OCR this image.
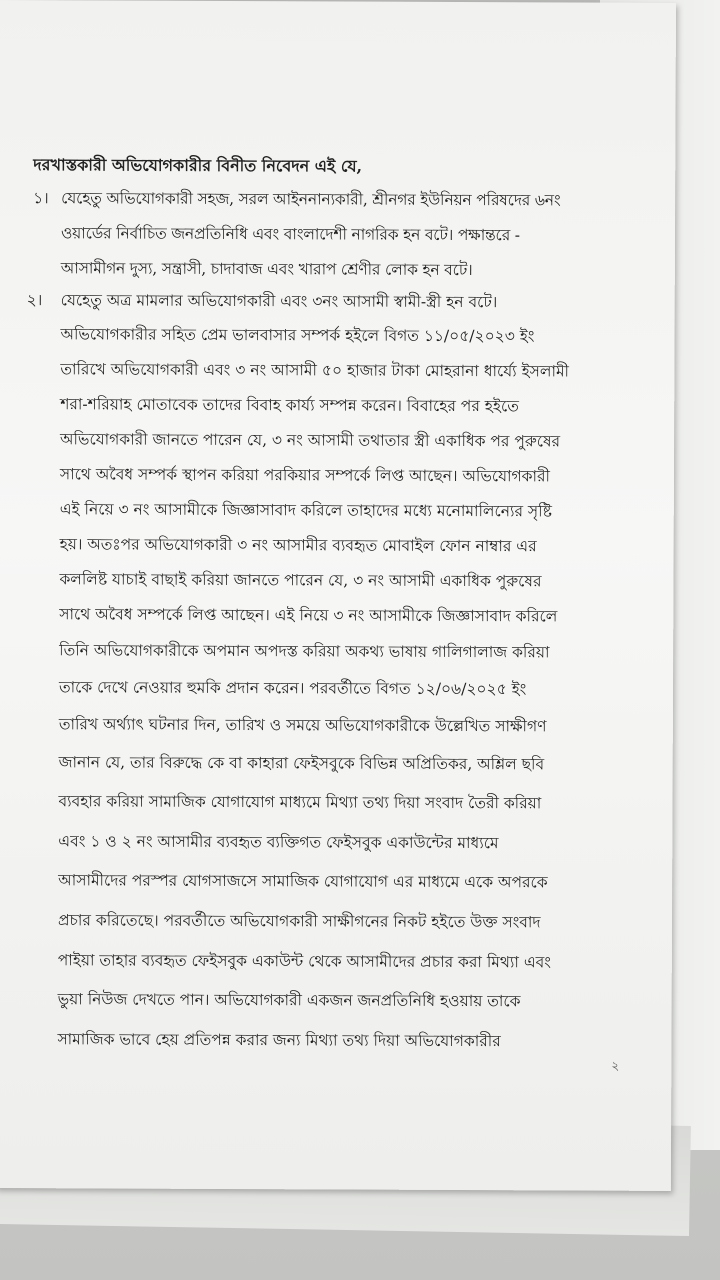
দরখাস্তকারী অভিযোগকারীর বিনীত নিবেদন এই যে,
১। যেহেতু অভিযোগকারী সহজ, সরল আইননান্যকারী, শ্রীনগর ইউনিয়ন পরিষদের ৬নং
ওয়ার্ডের নির্বাচিত জনপ্রতিনিধি এবং বাংলাদেশী নাগরিক হন বটে। পক্ষান্তরে -
আসামীগন দুস্য, সন্ত্রাসী, চাদাবাজ এবং খারাপ শ্রেণীর লোক হন বটে।
২। যেহেতু অত্র মামলার অভিযোগকারী এবং ৩নং আসামী স্বামী-স্ত্রী হন বটে।
অভিযোগকারীর সহিত প্রেম ভালবাসার সম্পর্ক হইলে বিগত ১১/০৫/২০২৩ ইং
তারিখে অভিযোগকারী এবং ৩ নং আসামী ৫০ হাজার টাকা মোহরানা ধার্য্যে ইসলামী
শরা-শরিয়াহ মোতাবেক তাদের বিবাহ কার্য্য সম্পন্ন করেন। বিবাহের পর হইতে
অভিযোগকারী জানতে পারেন যে, ৩ নং আসামী তথাতার স্ত্রী একাধিক পর পুরুষের
সাথে অবৈধ সম্পর্ক স্থাপন করিয়া পরকিয়ার সম্পর্কে লিপ্ত আছেন। অভিযোগকারী
এই নিয়ে ৩ নং আসামীকে জিজ্ঞাসাবাদ করিলে তাহাদের মধ্যে মনোমালিন্যের সৃষ্টি
হয়। অতঃপর অভিযোগকারী ৩ নং আসামীর ব্যবহৃত মোবাইল ফোন নাম্বার এর
কললিষ্ট যাচাই বাছাই করিয়া জানতে পারেন যে, ৩ নং আসামী একাধিক পুরুষের
সাথে অবৈধ সম্পর্কে লিপ্ত আছেন। এই নিয়ে ৩ নং আসামীকে জিজ্ঞাসাবাদ করিলে
তিনি অভিযোগকারীকে অপমান অপদস্ত করিয়া অকথ্য ভাষায় গালিগালাজ করিয়া
তাকে দেখে নেওয়ার হুমকি প্রদান করেন। পরবর্তীতে বিগত ১২/০৬/২০২৫ ইং
তারিখ অর্থ্যাৎ ঘটনার দিন, তারিখ ও সময়ে অভিযোগকারীকে উল্লেখিত সাক্ষীগণ
জানান যে, তার বিরুদ্ধে কে বা কাহারা ফেইসবুকে বিভিন্ন অপ্রিতিকর, অশ্লিল ছবি
ব্যবহার করিয়া সামাজিক যোগাযোগ মাধ্যমে মিথ্যা তথ্য দিয়া সংবাদ তৈরী করিয়া
এবং ১ ও ২ নং আসামীর ব্যবহৃত ব্যক্তিগত ফেইসবুক একাউন্টের মাধ্যমে
আসামীদের পরস্পর যোগসাজসে সামাজিক যোগাযোগ এর মাধ্যমে একে অপরকে
প্রচার করিতেছে। পরবর্তীতে অভিযোগকারী সাক্ষীগনের নিকট হইতে উক্ত সংবাদ
পাইয়া তাহার ব্যবহৃত ফেইসবুক একাউন্ট থেকে আসামীদের প্রচার করা মিথ্যা এবং
ভুয়া নিউজ দেখতে পান। অভিযোগকারী একজন জনপ্রতিনিধি হওয়ায় তাকে
সামাজিক ভাবে হেয় প্রতিপন্ন করার জন্য মিথ্যা তথ্য দিয়া অভিযোগকারীর
২
